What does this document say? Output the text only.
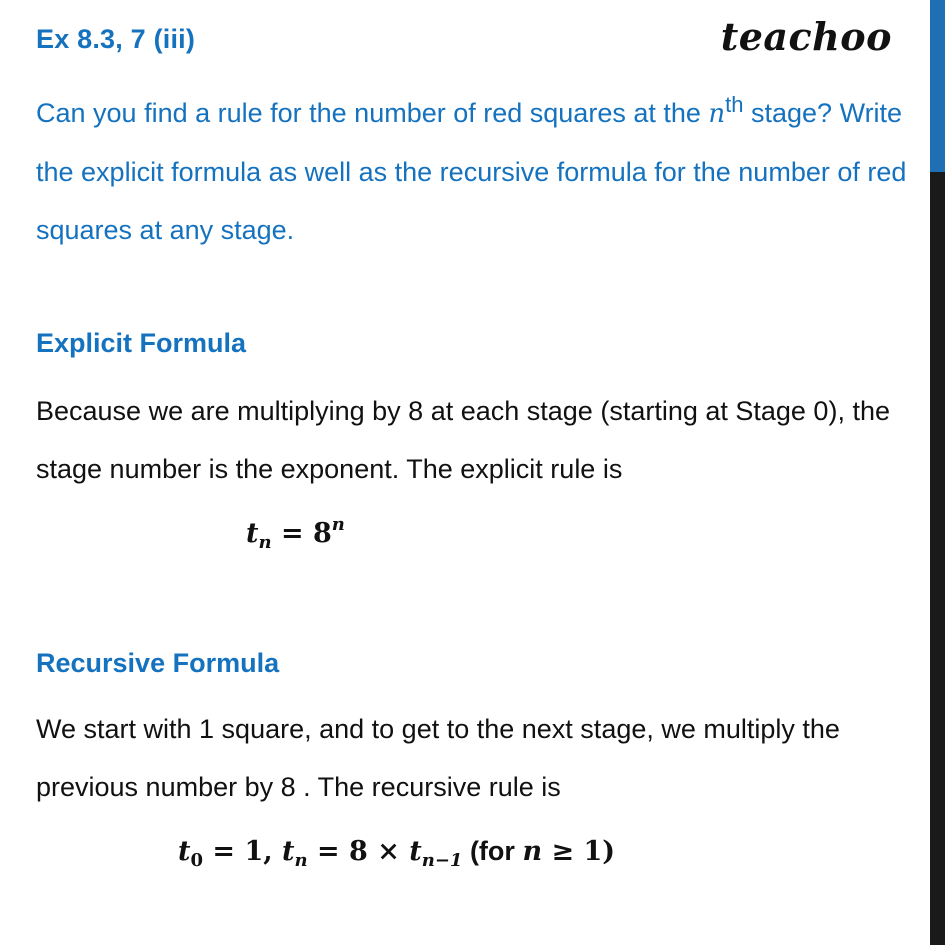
Ex 8.3, 7 (iii)	teachoo
Can you find a rule for the number of red squares at the $n^{th}$ stage? Write the explicit formula as well as the recursive formula for the number of red squares at any stage.
Explicit Formula
Because we are multiplying by 8 at each stage (starting at Stage 0), the stage number is the exponent. The explicit rule is
$t_n = 8^n$
Recursive Formula
We start with 1 square, and to get to the next stage, we multiply the previous number by 8 . The recursive rule is
$t_0 = 1$, $t_n = 8 \times t_{n-1}$ (for n ≥ 1)
